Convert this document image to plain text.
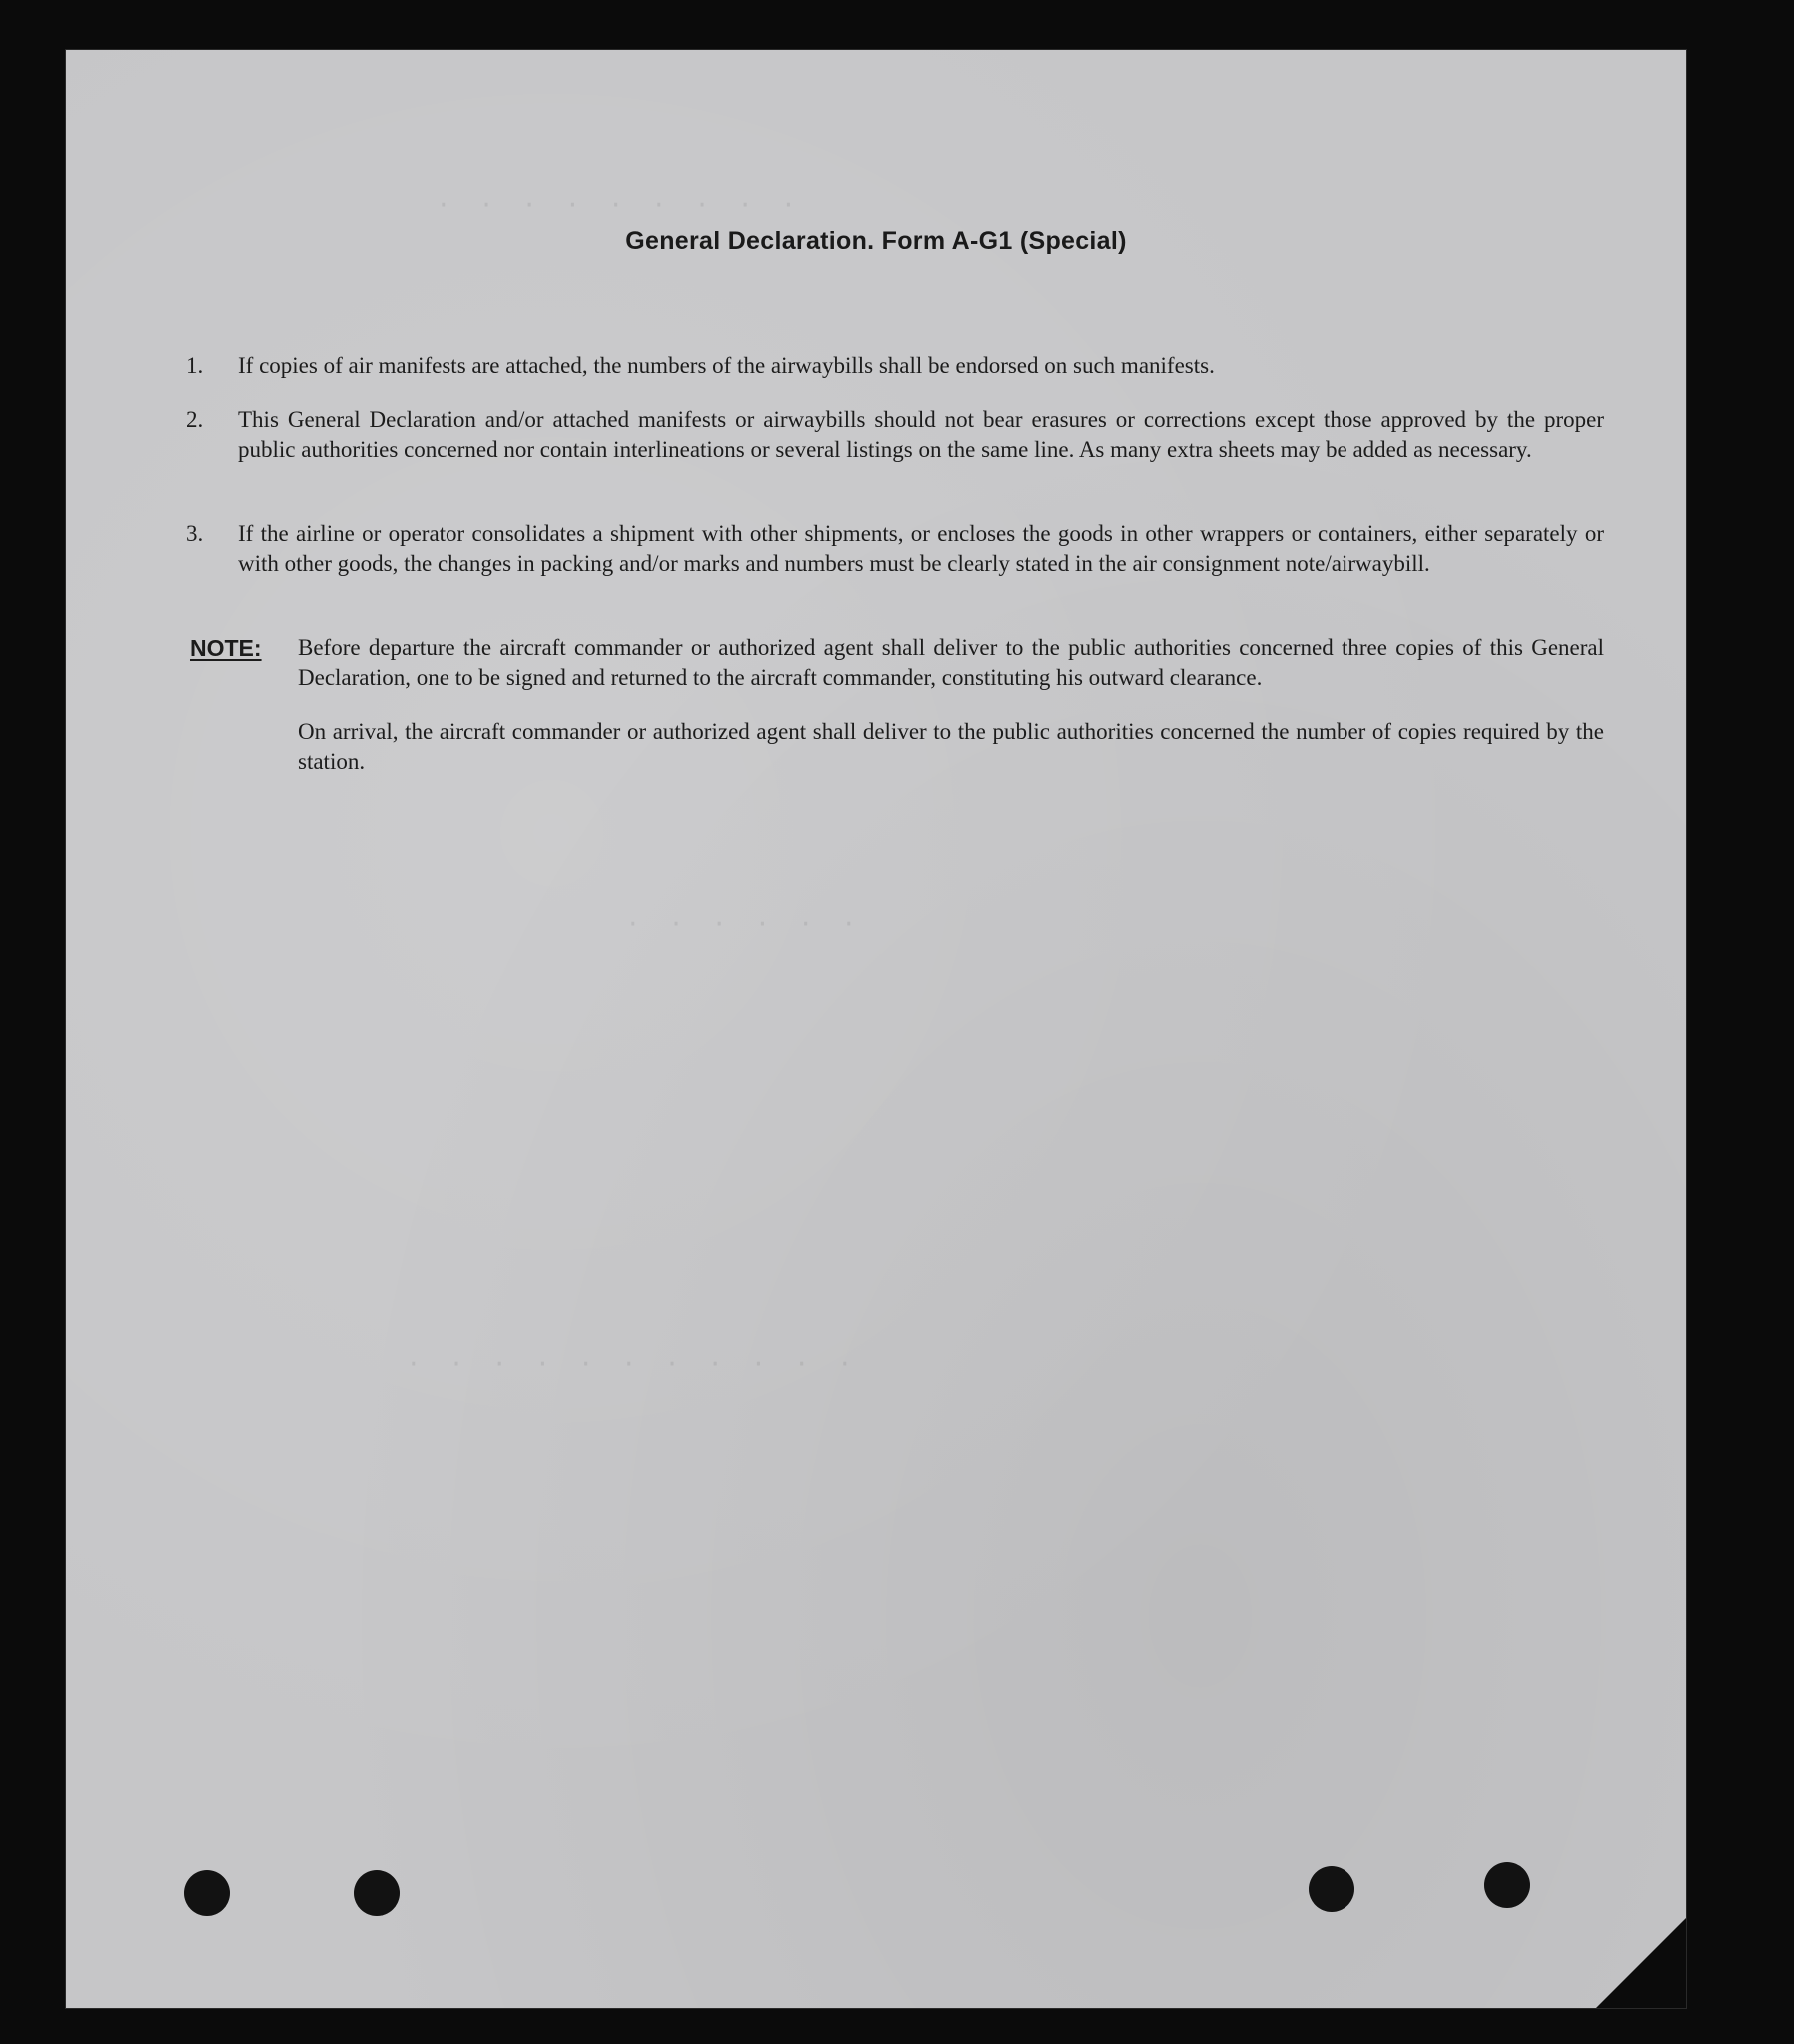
· · · · · · · · ·
· · · · · ·
· · · · · · · · · · ·
General Declaration. Form A-G1 (Special)
1. If copies of air manifests are attached, the numbers of the airwaybills shall be endorsed on such manifests.
2. This General Declaration and/or attached manifests or airwaybills should not bear erasures or corrections except those approved by the proper public authorities concerned nor contain interlineations or several listings on the same line. As many extra sheets may be added as necessary.
3. If the airline or operator consolidates a shipment with other shipments, or encloses the goods in other wrappers or containers, either separately or with other goods, the changes in packing and/or marks and numbers must be clearly stated in the air consignment note/airwaybill.
NOTE: Before departure the aircraft commander or authorized agent shall deliver to the public authorities concerned three copies of this General Declaration, one to be signed and returned to the aircraft commander, constituting his outward clearance.

On arrival, the aircraft commander or authorized agent shall deliver to the public authorities concerned the number of copies required by the station.
